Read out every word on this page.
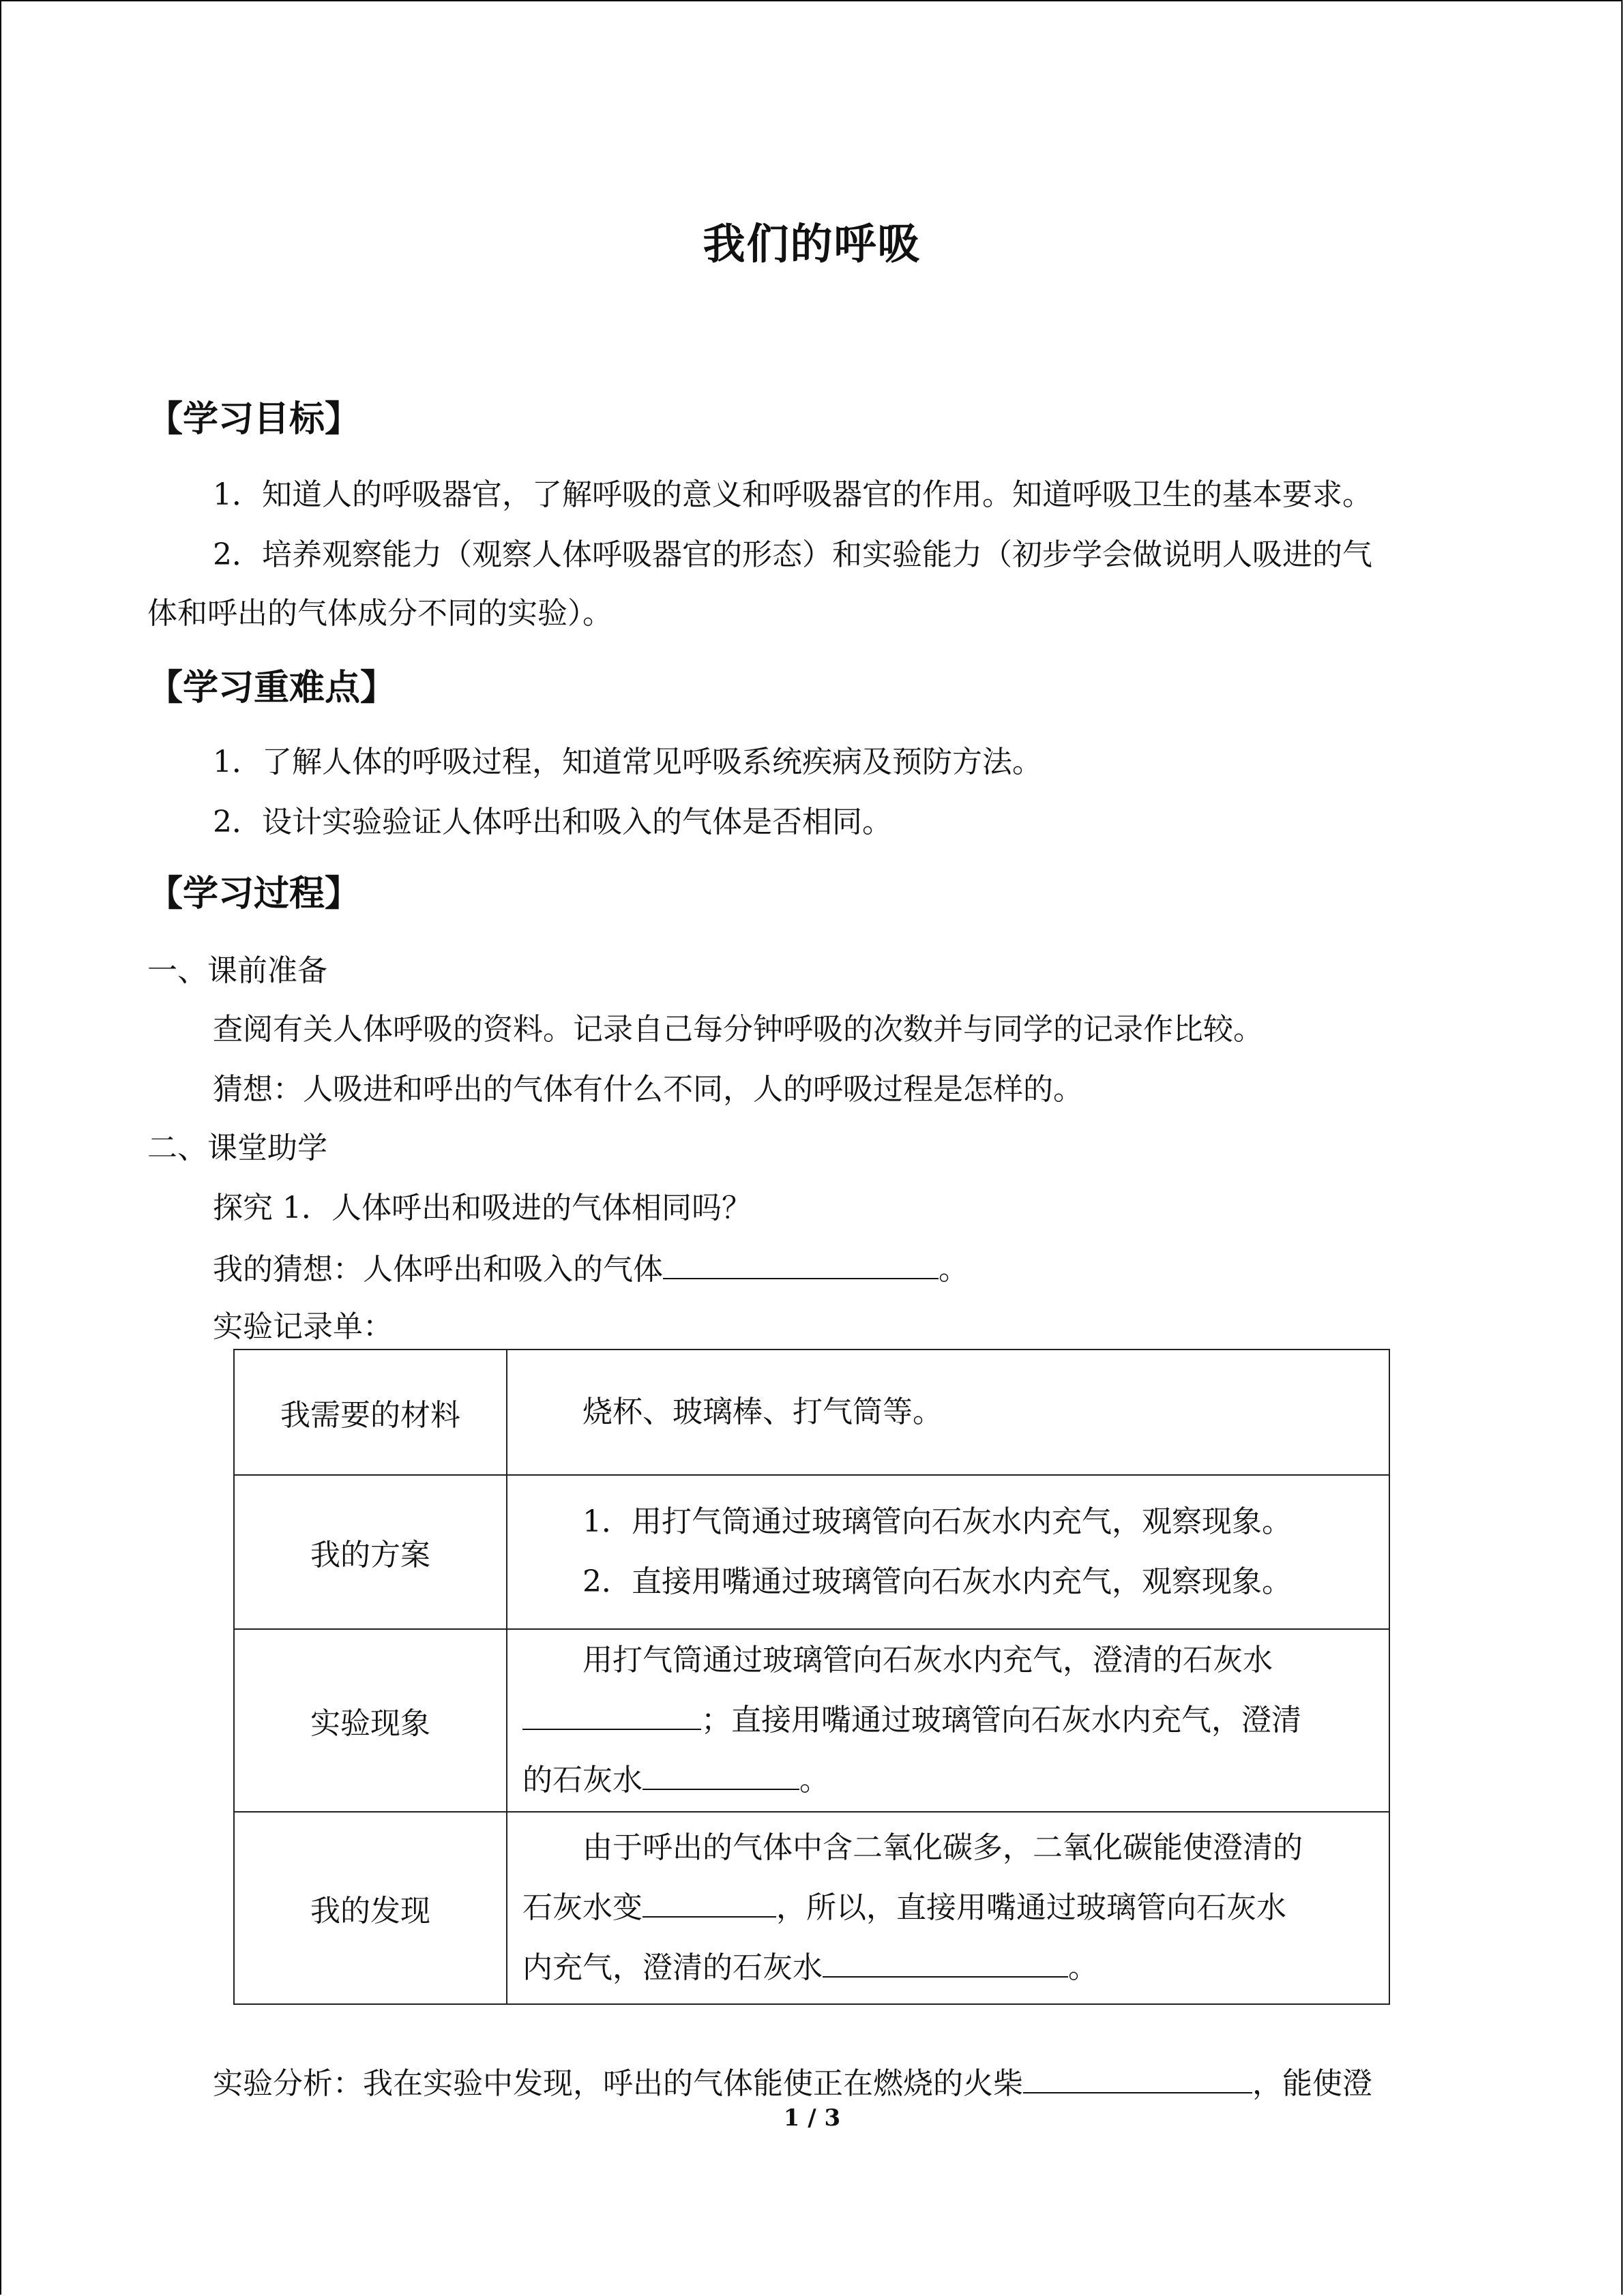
我们的呼吸
【学习目标】
1．知道人的呼吸器官，了解呼吸的意义和呼吸器官的作用。知道呼吸卫生的基本要求。
2．培养观察能力（观察人体呼吸器官的形态）和实验能力（初步学会做说明人吸进的气
体和呼出的气体成分不同的实验）。
【学习重难点】
1．了解人体的呼吸过程，知道常见呼吸系统疾病及预防方法。
2．设计实验验证人体呼出和吸入的气体是否相同。
【学习过程】
一、课前准备
查阅有关人体呼吸的资料。记录自己每分钟呼吸的次数并与同学的记录作比较。
猜想：人吸进和呼出的气体有什么不同，人的呼吸过程是怎样的。
二、课堂助学
探究 1．人体呼出和吸进的气体相同吗？
我的猜想：人体呼出和吸入的气体	。
实验记录单：
我需要的材料	烧杯、玻璃棒、打气筒等。

我的方案	1．用打气筒通过玻璃管向石灰水内充气，观察现象。
2．直接用嘴通过玻璃管向石灰水内充气，观察现象。

实验现象	用打气筒通过玻璃管向石灰水内充气，澄清的石灰水
；直接用嘴通过玻璃管向石灰水内充气，澄清
的石灰水 。

我的发现	由于呼出的气体中含二氧化碳多，二氧化碳能使澄清的
石灰水变 ，所以，直接用嘴通过玻璃管向石灰水
内充气，澄清的石灰水 。
实验分析：我在实验中发现，呼出的气体能使正在燃烧的火柴	，能使澄
1 / 3
